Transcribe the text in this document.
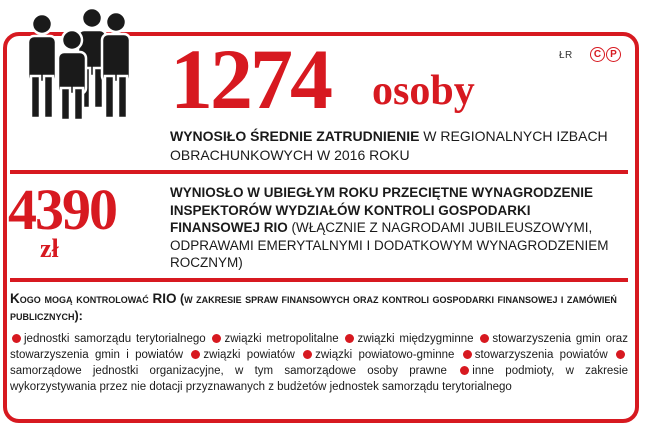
ŁR	C P
1274 osoby
WYNOSIŁO ŚREDNIE ZATRUDNIENIE W REGIONALNYCH IZBACH OBRACHUNKOWYCH W 2016 ROKU
4390
zł
WYNIOSŁO W UBIEGŁYM ROKU PRZECIĘTNE WYNAGRODZENIE INSPEKTORÓW WYDZIAŁÓW KONTROLI GOSPODARKI FINANSOWEJ RIO (WŁĄCZNIE Z NAGRODAMI JUBILEUSZOWYMI, ODPRAWAMI EMERYTALNYMI I DODATKOWYM WYNAGRODZENIEM ROCZNYM)
Kogo mogą kontrolować RIO (w zakresie spraw finansowych oraz kontroli gospodarki finansowej i zamówień publicznych):
jednostki samorządu terytorialnego związki metropolitalne związki międzygminne stowarzyszenia gmin oraz stowarzyszenia gmin i powiatów związki powiatów związki powiatowo-gminne stowarzyszenia powiatów samorządowe jednostki organizacyjne, w tym samorządowe osoby prawne inne podmioty, w zakresie wykorzystywania przez nie dotacji przyznawanych z budżetów jednostek samorządu terytorialnego
